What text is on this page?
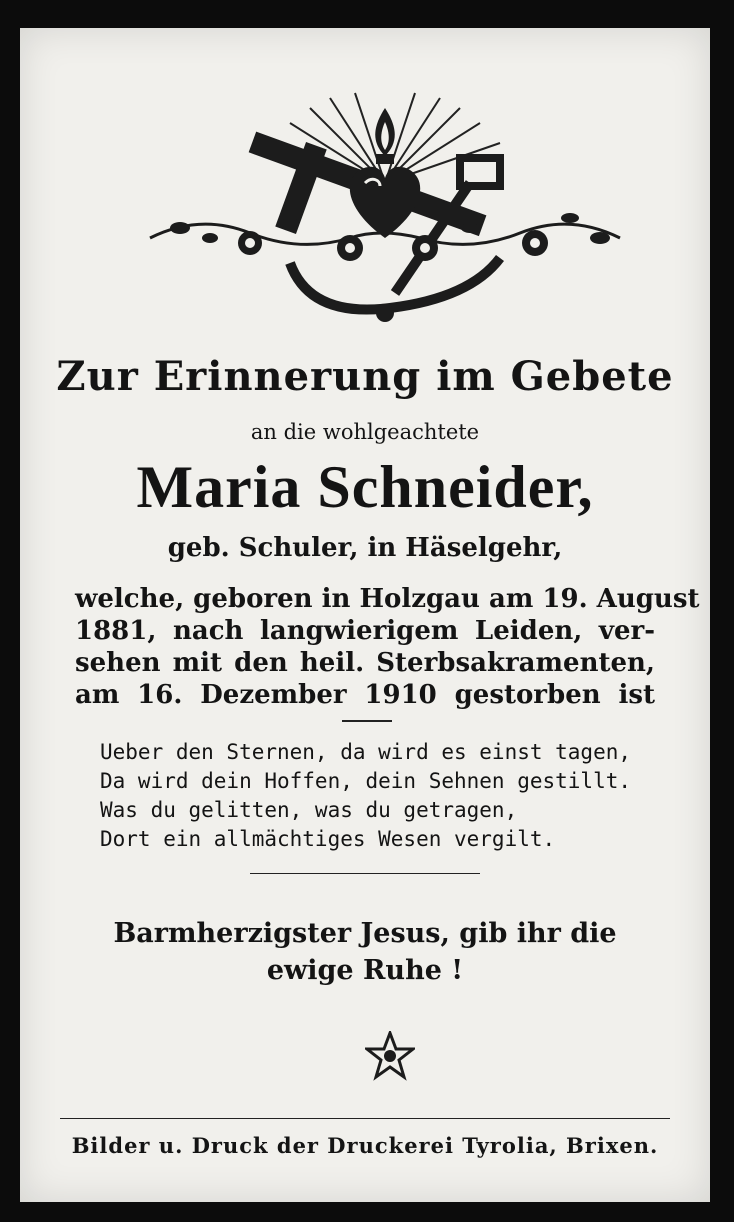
Zur Erinnerung im Gebete
an die wohlgeachtete
Maria Schneider,
geb. Schuler, in Häselgehr,
welche, geboren in Holzgau am 19. August
1881, nach langwierigem Leiden, ver-
sehen mit den heil. Sterbsakramenten,
am 16. Dezember 1910 gestorben ist
Ueber den Sternen, da wird es einst tagen,
Da wird dein Hoffen, dein Sehnen gestillt.
Was du gelitten, was du getragen,
Dort ein allmächtiges Wesen vergilt.
Barmherzigster Jesus, gib ihr die
ewige Ruhe !
Bilder u. Druck der Druckerei Tyrolia, Brixen.
